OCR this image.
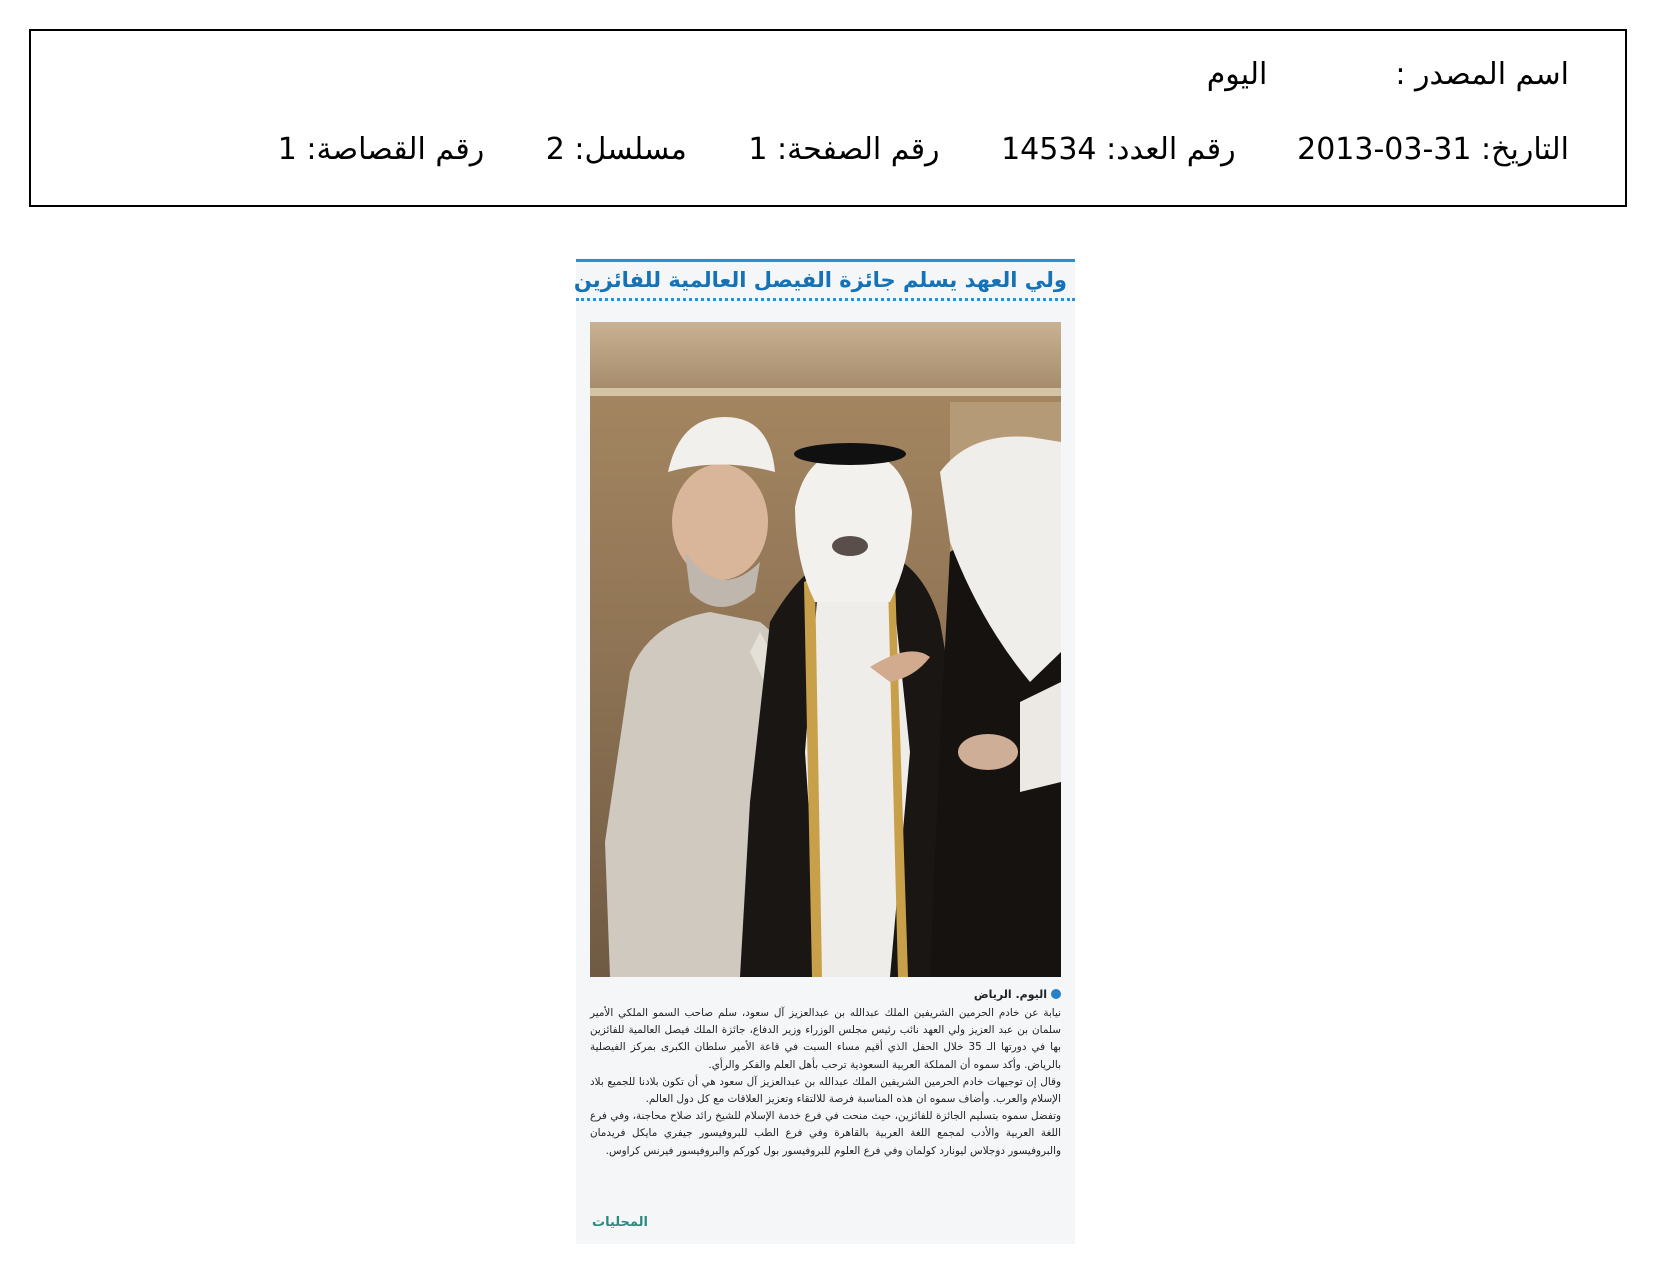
اسم المصدر :اليوم
التاريخ: 2013-03-31 رقم العدد: 14534 رقم الصفحة: 1 مسلسل: 2 رقم القصاصة: 1
ولي العهد يسلم جائزة الفيصل العالمية للفائزين
اليوم. الرياض

نيابة عن خادم الحرمين الشريفين الملك عبدالله بن عبدالعزيز آل سعود، سلم صاحب السمو الملكي الأمير سلمان بن عبد العزيز ولي العهد نائب رئيس مجلس الوزراء وزير الدفاع، جائزة الملك فيصل العالمية للفائزين بها في دورتها الـ 35 خلال الحفل الذي أقيم مساء السبت في قاعة الأمير سلطان الكبرى بمركز الفيصلية بالرياض. وأكد سموه أن المملكة العربية السعودية ترحب بأهل العلم والفكر والرأي.

وقال إن توجيهات خادم الحرمين الشريفين الملك عبدالله بن عبدالعزيز آل سعود هي أن تكون بلادنا للجميع بلاد الإسلام والعرب. وأضاف سموه ان هذه المناسبة فرصة للالتقاء وتعزيز العلاقات مع كل دول العالم.

وتفضل سموه بتسليم الجائزة للفائزين، حيث منحت في فرع خدمة الإسلام للشيخ رائد صلاح محاجنة، وفي فرع اللغة العربية والأدب لمجمع اللغة العربية بالقاهرة وفي فرع الطب للبروفيسور جيفري مايكل فريدمان والبروفيسور دوجلاس ليونارد كولمان وفي فرع العلوم للبروفيسور بول كوركم والبروفيسور فيرنس كراوس.

المحليات
